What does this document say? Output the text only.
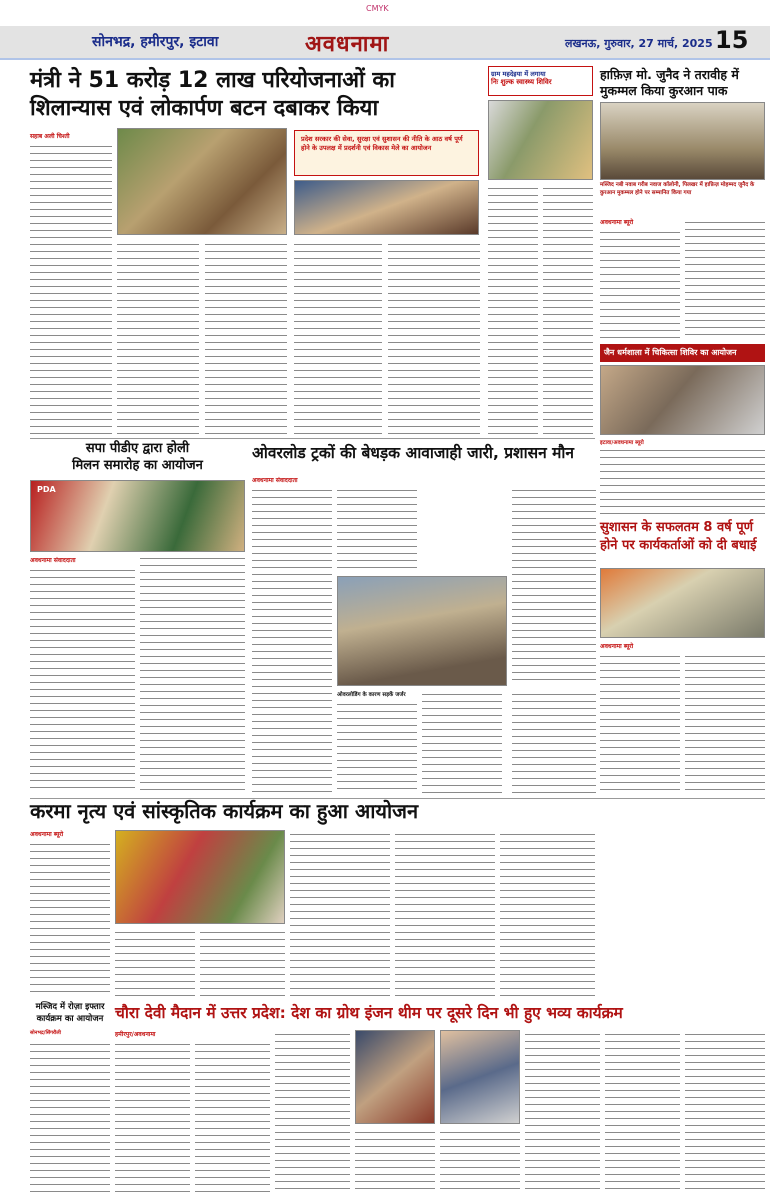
CMYK
सोनभद्र, हमीरपुर, इटावा	अवधनामा	लखनऊ, गुरुवार, 27 मार्च, 2025 15
मंत्री ने 51 करोड़ 12 लाख परियोजनाओं का
शिलान्यास एवं लोकार्पण बटन दबाकर किया
सहाब अली चिश्ती	प्रदेश सरकार की सेवा, सुरक्षा एवं सुशासन की नीति के आठ वर्ष पूर्ण होने के उपलक्ष में प्रदर्शनी एवं विकास मेले का आयोजन
ग्राम महदेइया में लगाया
निः शुल्क स्वास्थ्य शिविर	हाफ़िज़ मो. जुनैद ने तरावीह में
मुकम्मल किया कुरआन पाक
मस्जिद नबी नवाब गरीब नवाज कॉलोनी, पिलखर में हाफ़िज़ मोहम्मद जुनैद के कुरआन मुकम्मल होने पर सम्मानित किया गया
अवधनामा ब्यूरो
जैन धर्मशाला में चिकित्सा शिविर का आयोजन
इटावा/अवधनामा ब्यूरो
सुशासन के सफलतम 8 वर्ष पूर्ण
होने पर कार्यकर्ताओं को दी बधाई
अवधनामा ब्यूरो
सपा पीडीए द्वारा होली
मिलन समारोह का आयोजन
PDA
अवधनामा संवाददाता
ओवरलोड ट्रकों की बेधड़क आवाजाही जारी, प्रशासन मौन
अवधनामा संवाददाता
ओवरलोडिंग के कारण सड़कें जर्जर
करमा नृत्य एवं सांस्कृतिक कार्यक्रम का हुआ आयोजन
अवधनामा ब्यूरो
मस्जिद में रोज़ा इफ्तार
कार्यक्रम का आयोजन
सोनभद्र/सिंगरौली
चौरा देवी मैदान में उत्तर प्रदेश: देश का ग्रोथ इंजन थीम पर दूसरे दिन भी हुए भव्य कार्यक्रम
हमीरपुर/अवधनामा
